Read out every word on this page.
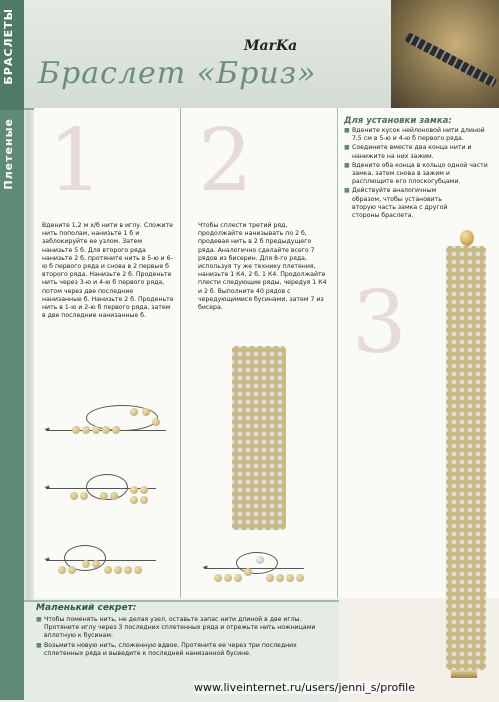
БРАСЛЕТЫ
Плетеные
MarKa
Браслет «Бриз»
1
Вдените 1,2 м х/б нити в иглу. Сложите нить пополам, нанизьте 1 б и заблокируйте ее узлом. Затем нанизьте 5 б. Для второго ряда нанизьте 2 б, протяните нить в 5-ю и 6-ю б первого ряда и снова в 2 первые б второго ряда. Нанизьте 2 б. Проденьте нить через 3-ю и 4-ю б первого ряда, потом через две последние нанизанные б. Нанизьте 2 б. Проденьте нить в 1-ю и 2-ю б первого ряда, затем в две последние нанизанные б.
◄
◄
◄
2
Чтобы сплести третий ряд, продолжайте нанизывать по 2 б, продевая нить в 2 б предыдущего ряда. Аналогично сделайте всего 7 рядов из бисерин. Для 8-го ряда, используя ту же технику плетения, нанизьте 1 К4, 2 б, 1 К4. Продолжайте плести следующие ряды, чередуя 1 К4 и 2 б. Выполните 40 рядов с чередующимися бусинами, затем 7 из бисера.
◄
Для установки замка:
■ Вдените кусок нейлоновой нити длиной 7,5 см в 5-ю и 4-ю б первого ряда.
■ Соедините вместе два конца нити и нанижите на них зажим.
■ Вдените оба конца в кольцо одной части замка, затем снова в зажим и расплющите его плоскогубцами.
■ Действуйте аналогичным образом, чтобы установить вторую часть замка с другой стороны браслета.
3
Маленький секрет:
■ Чтобы поменять нить, не делая узел, оставьте запас нити длиной в две иглы. Протяните иглу через 3 последних сплетенных ряда и отрежьте нить ножницами вплотную к бусинам.
■ Возьмите новую нить, сложенную вдвое. Протяните ее через три последних сплетенных ряда и выведите к последней нанизанной бусине.
www.liveinternet.ru/users/jenni_s/profile
